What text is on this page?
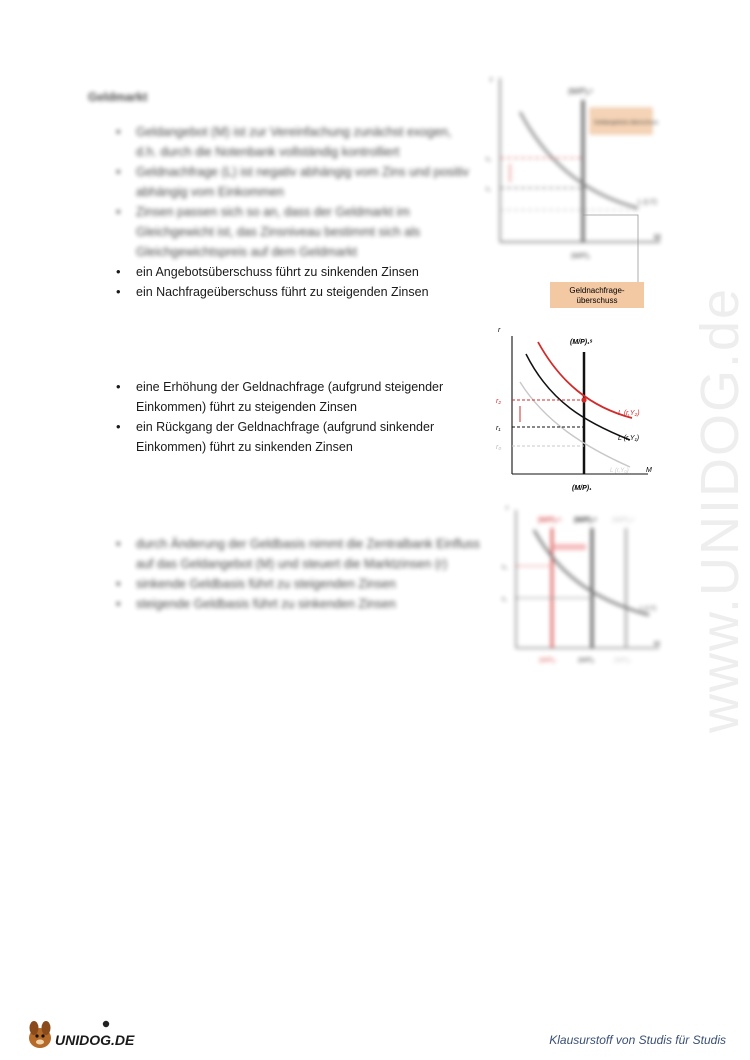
www.UNIDOG.de
Geldmarkt
• Geldangebot (M) ist zur Vereinfachung zunächst exogen, d.h. durch die Notenbank vollständig kontrolliert
• Geldnachfrage (L) ist negativ abhängig vom Zins und positiv abhängig vom Einkommen
• Zinsen passen sich so an, dass der Geldmarkt im Gleichgewicht ist, das Zinsniveau bestimmt sich als Gleichgewichtspreis auf dem Geldmarkt
• ein Angebotsüberschuss führt zu sinkenden Zinsen
• ein Nachfrageüberschuss führt zu steigenden Zinsen
• eine Erhöhung der Geldnachfrage (aufgrund steigender Einkommen) führt zu steigenden Zinsen
• ein Rückgang der Geldnachfrage (aufgrund sinkender Einkommen) führt zu sinkenden Zinsen
• durch Änderung der Geldbasis nimmt die Zentralbank Einfluss auf das Geldangebot (M) und steuert die Marktzinsen (r)
• sinkende Geldbasis führt zu steigenden Zinsen
• steigende Geldbasis führt zu sinkenden Zinsen
r
M
(M/P)₁ˢ
L (r,Y)
r₂
r₁
Geldangebots-überschuss
(M/P)₁
Geldnachfrage-
überschuss
r
M
(M/P)₁ˢ
(M/P)₁
r₂
r₁
r₀
L (r,Y₂)
L (r,Y₁)
L (r,Y₀)
r
M
(M/P)₀ˢ (M/P)₁ˢ (M/P)₂ˢ
L (r,Y)
r₀
r₁
(M/P)₀	(M/P)₁	(M/P)₂
UNIDOG.DE	Klausurstoff von Studis für Studis
